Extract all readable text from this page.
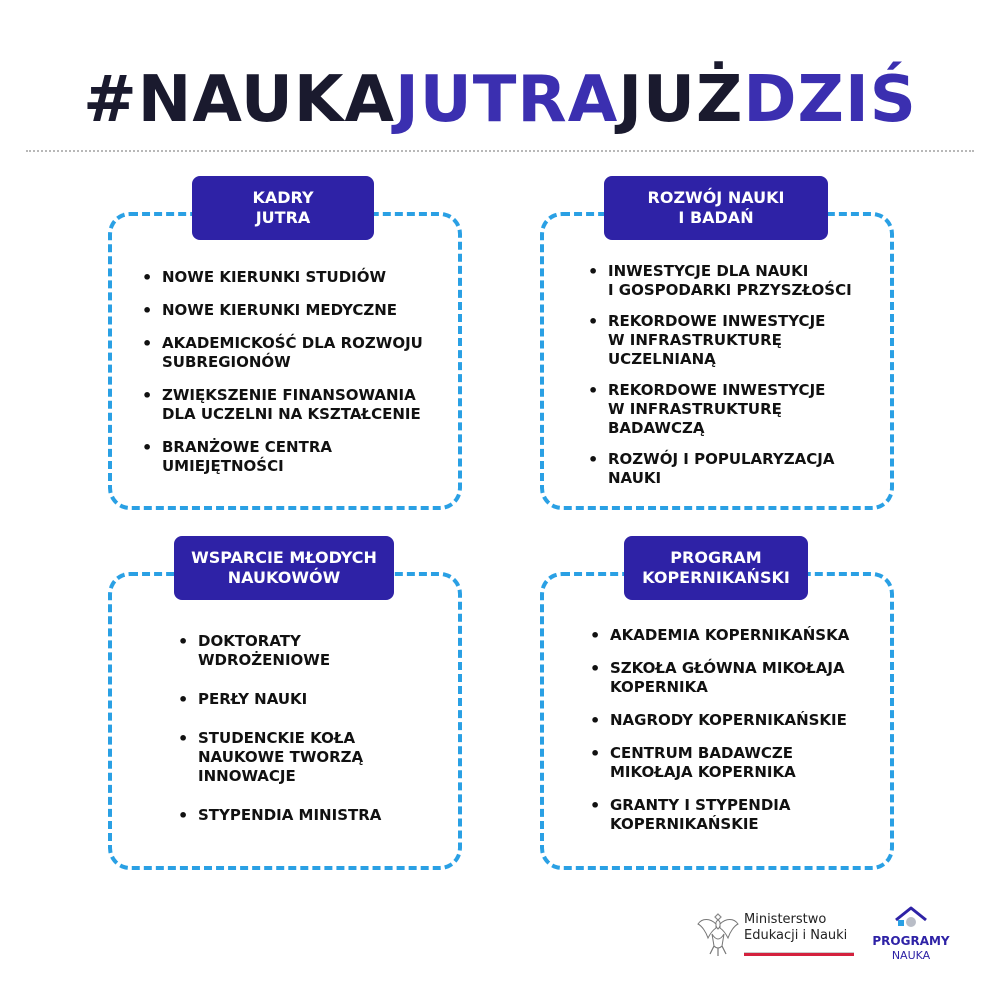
#NAUKAJUTRAJUŻDZIŚ
KADRY
JUTRA
• NOWE KIERUNKI STUDIÓW
• NOWE KIERUNKI MEDYCZNE
• AKADEMICKOŚĆ DLA ROZWOJU
SUBREGIONÓW
• ZWIĘKSZENIE FINANSOWANIA
DLA UCZELNI NA KSZTAŁCENIE
• BRANŻOWE CENTRA
UMIEJĘTNOŚCI
ROZWÓJ NAUKI
I BADAŃ
• INWESTYCJE DLA NAUKI
I GOSPODARKI PRZYSZŁOŚCI
• REKORDOWE INWESTYCJE
W INFRASTRUKTURĘ
UCZELNIANĄ
• REKORDOWE INWESTYCJE
W INFRASTRUKTURĘ
BADAWCZĄ
• ROZWÓJ I POPULARYZACJA
NAUKI
WSPARCIE MŁODYCH
NAUKOWÓW
• DOKTORATY
WDROŻENIOWE
• PERŁY NAUKI
• STUDENCKIE KOŁA
NAUKOWE TWORZĄ
INNOWACJE
• STYPENDIA MINISTRA
PROGRAM
KOPERNIKAŃSKI
• AKADEMIA KOPERNIKAŃSKA
• SZKOŁA GŁÓWNA MIKOŁAJA
KOPERNIKA
• NAGRODY KOPERNIKAŃSKIE
• CENTRUM BADAWCZE
MIKOŁAJA KOPERNIKA
• GRANTY I STYPENDIA
KOPERNIKAŃSKIE
Ministerstwo
Edukacji i Nauki	PROGRAMY
NAUKA
